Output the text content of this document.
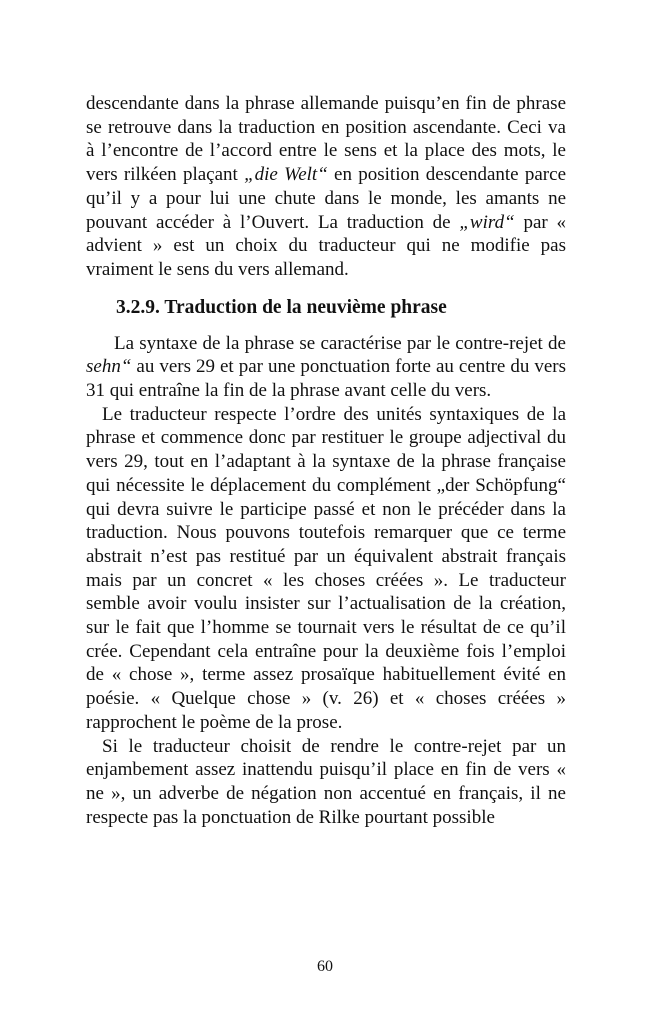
descendante dans la phrase allemande puisqu’en fin de phrase se retrouve dans la traduction en position ascendante. Ceci va à l’encontre de l’accord entre le sens et la place des mots, le vers rilkéen plaçant „die Welt“ en position descendante parce qu’il y a pour lui une chute dans le monde, les amants ne pouvant accéder à l’Ouvert. La traduction de „wird“ par « advient » est un choix du traducteur qui ne modifie pas vraiment le sens du vers allemand.

3.2.9. Traduction de la neuvième phrase

La syntaxe de la phrase se caractérise par le contre-rejet de sehn“ au vers 29 et par une ponctuation forte au centre du vers 31 qui entraîne la fin de la phrase avant celle du vers.

Le traducteur respecte l’ordre des unités syntaxiques de la phrase et commence donc par restituer le groupe adjectival du vers 29, tout en l’adaptant à la syntaxe de la phrase française qui nécessite le déplacement du complément „der Schöpfung“ qui devra suivre le participe passé et non le précéder dans la traduction. Nous pouvons toutefois remarquer que ce terme abstrait n’est pas restitué par un équivalent abstrait français mais par un concret « les choses créées ». Le traducteur semble avoir voulu insister sur l’actualisation de la création, sur le fait que l’homme se tournait vers le résultat de ce qu’il crée. Cependant cela entraîne pour la deuxième fois l’emploi de « chose », terme assez prosaïque habituellement évité en poésie. « Quelque chose » (v. 26) et « choses créées » rapprochent le poème de la prose.

Si le traducteur choisit de rendre le contre-rejet par un enjambement assez inattendu puisqu’il place en fin de vers « ne », un adverbe de négation non accentué en français, il ne respecte pas la ponctuation de Rilke pourtant possible

60
